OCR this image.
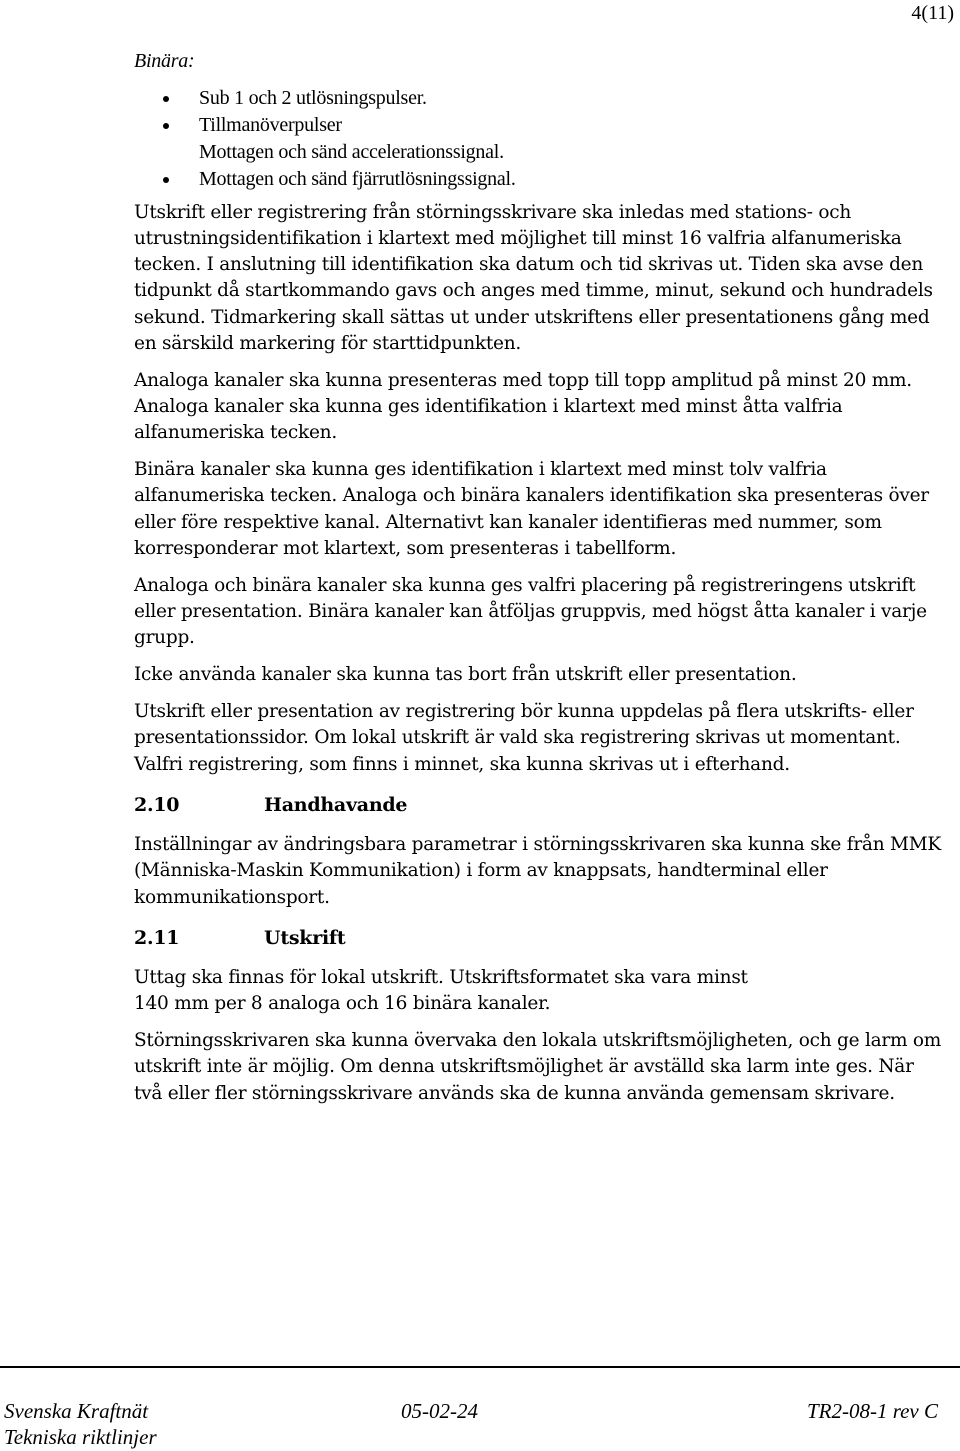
4(11)

Binära:

Sub 1 och 2 utlösningspulser.
Tillmanöverpulser
Mottagen och sänd accelerationssignal.
Mottagen och sänd fjärrutlösningssignal.

Utskrift eller registrering från störningsskrivare ska inledas med stations- och utrustningsidentifikation i klartext med möjlighet till minst 16 valfria alfanumeriska tecken. I anslutning till identifikation ska datum och tid skrivas ut. Tiden ska avse den tidpunkt då startkommando gavs och anges med timme, minut, sekund och hundradels sekund. Tidmarkering skall sättas ut under utskriftens eller presentationens gång med en särskild markering för starttidpunkten.

Analoga kanaler ska kunna presenteras med topp till topp amplitud på minst 20 mm. Analoga kanaler ska kunna ges identifikation i klartext med minst åtta valfria alfanumeriska tecken.

Binära kanaler ska kunna ges identifikation i klartext med minst tolv valfria alfanumeriska tecken. Analoga och binära kanalers identifikation ska presenteras över eller före respektive kanal. Alternativt kan kanaler identifieras med nummer, som korresponderar mot klartext, som presenteras i tabellform.

Analoga och binära kanaler ska kunna ges valfri placering på registreringens utskrift eller presentation. Binära kanaler kan åtföljas gruppvis, med högst åtta kanaler i varje grupp.

Icke använda kanaler ska kunna tas bort från utskrift eller presentation.

Utskrift eller presentation av registrering bör kunna uppdelas på flera utskrifts- eller presentationssidor. Om lokal utskrift är vald ska registrering skrivas ut momentant. Valfri registrering, som finns i minnet, ska kunna skrivas ut i efterhand.

2.10	Handhavande

Inställningar av ändringsbara parametrar i störningsskrivaren ska kunna ske från MMK (Människa-Maskin Kommunikation) i form av knappsats, handterminal eller kommunikationsport.

2.11	Utskrift

Uttag ska finnas för lokal utskrift. Utskriftsformatet ska vara minst
140 mm per 8 analoga och 16 binära kanaler.

Störningsskrivaren ska kunna övervaka den lokala utskriftsmöjligheten, och ge larm om utskrift inte är möjlig. Om denna utskriftsmöjlighet är avställd ska larm inte ges. När två eller fler störningsskrivare används ska de kunna använda gemensam skrivare.

Svenska Kraftnät
Tekniska riktlinjer
05-02-24	TR2-08-1 rev C
